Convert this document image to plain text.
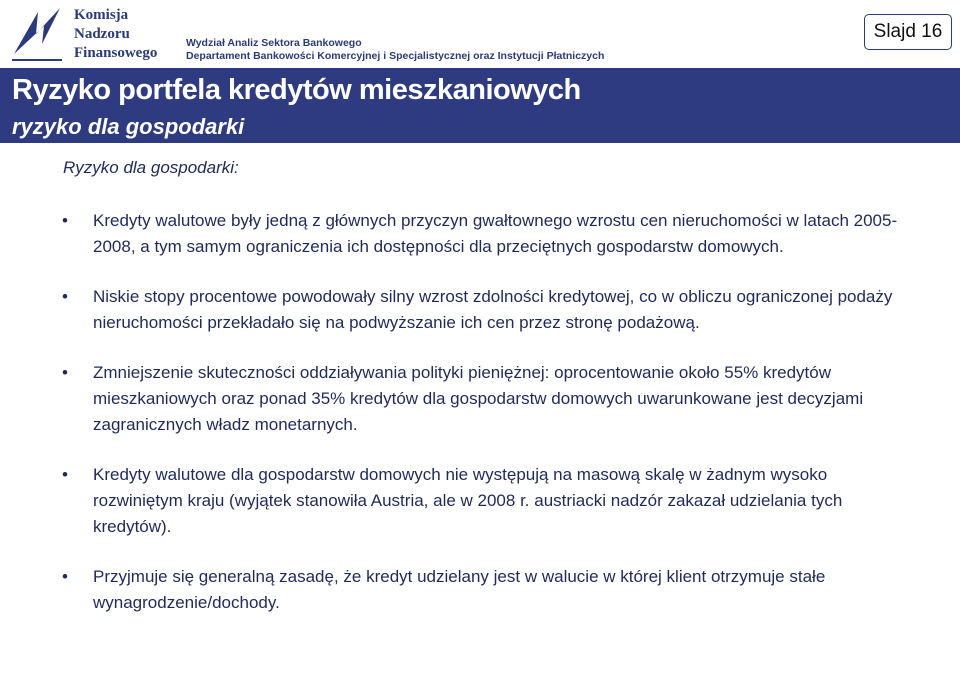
Komisja
Nadzoru
Finansowego
Wydział Analiz Sektora Bankowego
Departament Bankowości Komercyjnej i Specjalistycznej oraz Instytucji Płatniczych
Slajd 16
Ryzyko portfela kredytów mieszkaniowych
ryzyko dla gospodarki
Ryzyko dla gospodarki:
• Kredyty walutowe były jedną z głównych przyczyn gwałtownego wzrostu cen nieruchomości w latach 2005-2008, a tym samym ograniczenia ich dostępności dla przeciętnych gospodarstw domowych.
• Niskie stopy procentowe powodowały silny wzrost zdolności kredytowej, co w obliczu ograniczonej podaży nieruchomości przekładało się na podwyższanie ich cen przez stronę podażową.
• Zmniejszenie skuteczności oddziaływania polityki pieniężnej: oprocentowanie około 55% kredytów mieszkaniowych oraz ponad 35% kredytów dla gospodarstw domowych uwarunkowane jest decyzjami zagranicznych władz monetarnych.
• Kredyty walutowe dla gospodarstw domowych nie występują na masową skalę w żadnym wysoko rozwiniętym kraju (wyjątek stanowiła Austria, ale w 2008 r. austriacki nadzór zakazał udzielania tych kredytów).
• Przyjmuje się generalną zasadę, że kredyt udzielany jest w walucie w której klient otrzymuje stałe wynagrodzenie/dochody.
